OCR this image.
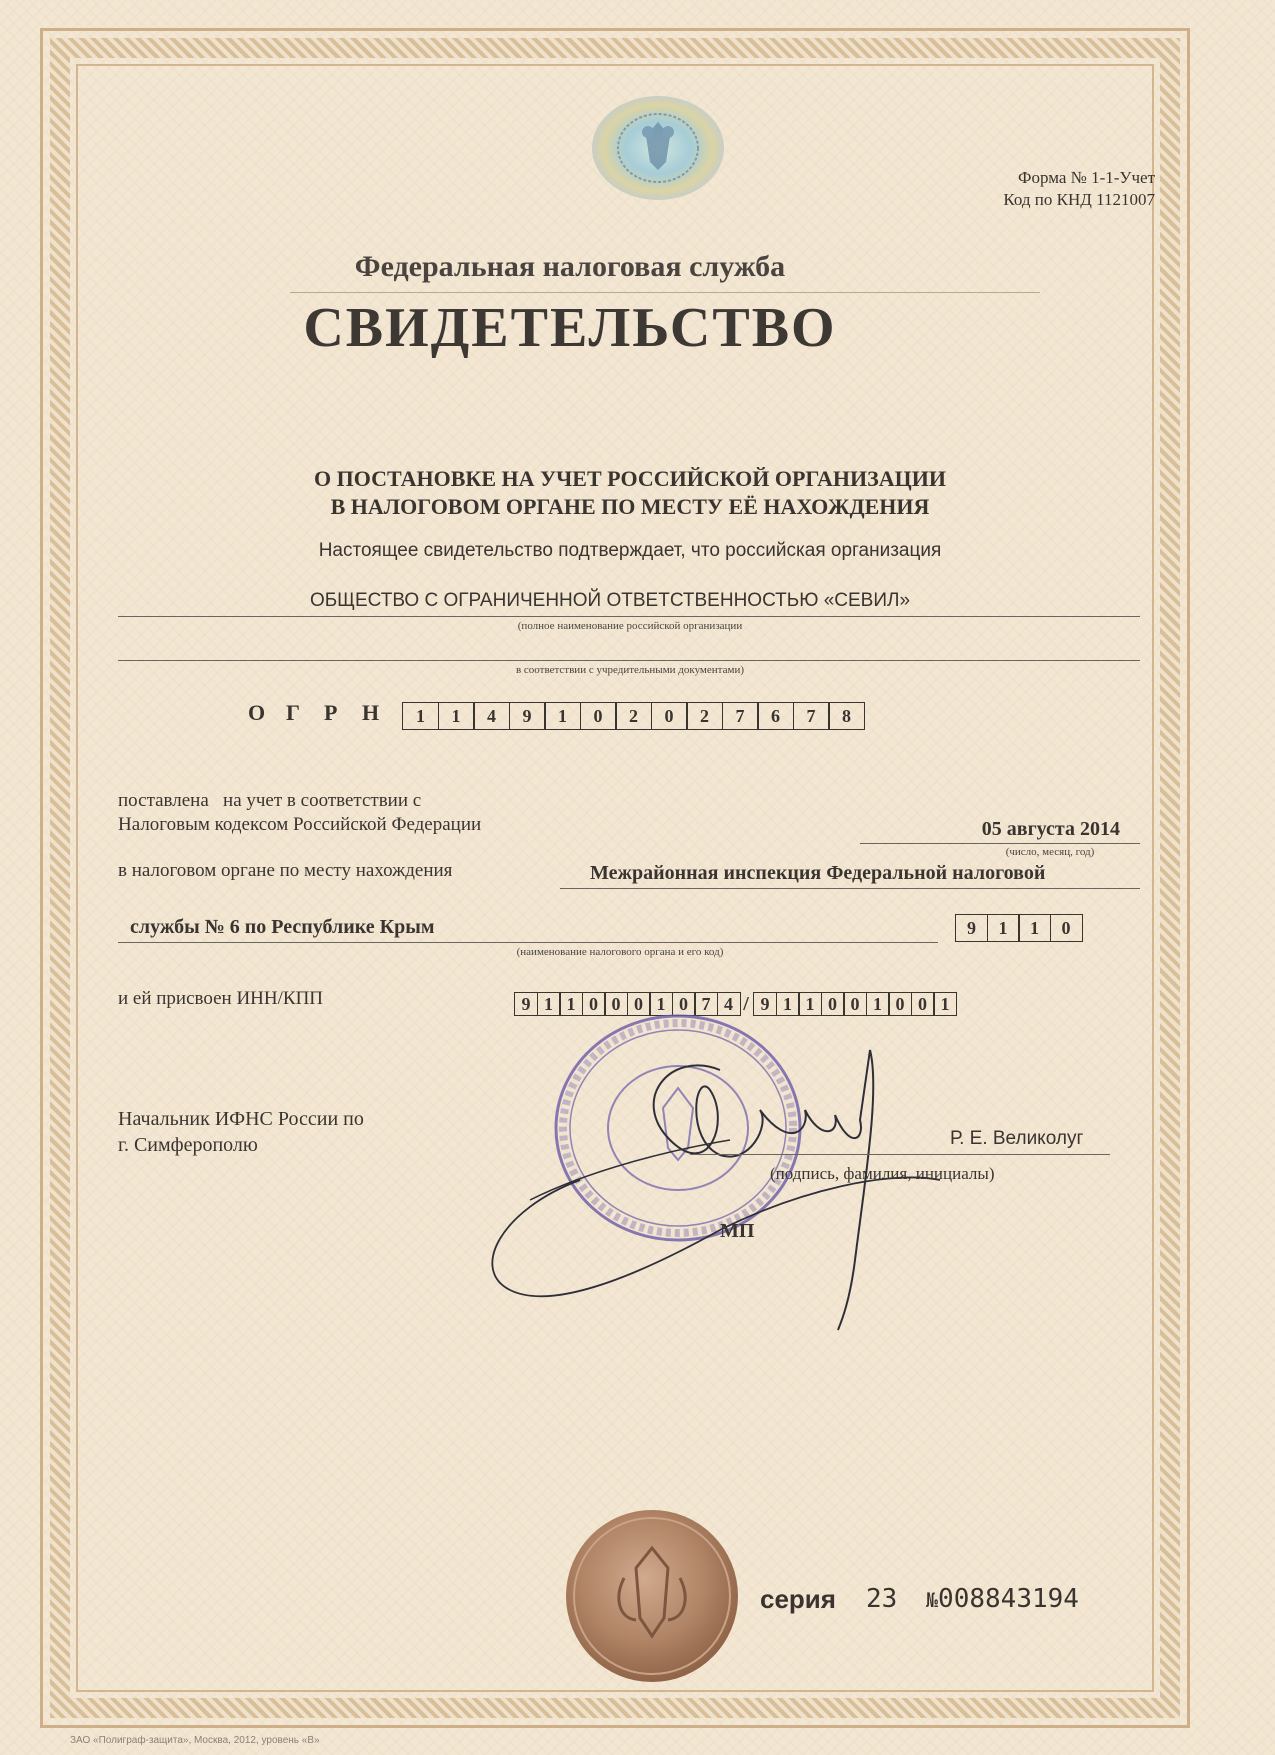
Форма № 1-1-Учет
Код по КНД 1121007
Федеральная налоговая служба
СВИДЕТЕЛЬСТВО
О ПОСТАНОВКЕ НА УЧЕТ РОССИЙСКОЙ ОРГАНИЗАЦИИ
В НАЛОГОВОМ ОРГАНЕ ПО МЕСТУ ЕЁ НАХОЖДЕНИЯ
Настоящее свидетельство подтверждает, что российская организация
ОБЩЕСТВО С ОГРАНИЧЕННОЙ ОТВЕТСТВЕННОСТЬЮ «СЕВИЛ»
(полное наименование российской организации
в соответствии с учредительными документами)
О Г	Р	Н	1	1	4	9	1	0	2	0	2	7	6	7	8
поставлена   на учет в соответствии с
Налоговым кодексом Российской Федерации	05 августа 2014
(число, месяц, год)
в налоговом органе по месту нахождения	Межрайонная инспекция Федеральной налоговой
службы № 6 по Республике Крым	9	1	1	0
(наименование налогового органа и его код)
и ей присвоен ИНН/КПП	9 1 1 0 0 0 1 0 7 4 / 9 1 1 0 0 1 0 0 1
Начальник ИФНС России по
г. Симферополю	Р. Е. Великолуг
(подпись, фамилия, инициалы)
МП
серия 23 №008843194
ЗАО «Полиграф-защита», Москва, 2012, уровень «В»
